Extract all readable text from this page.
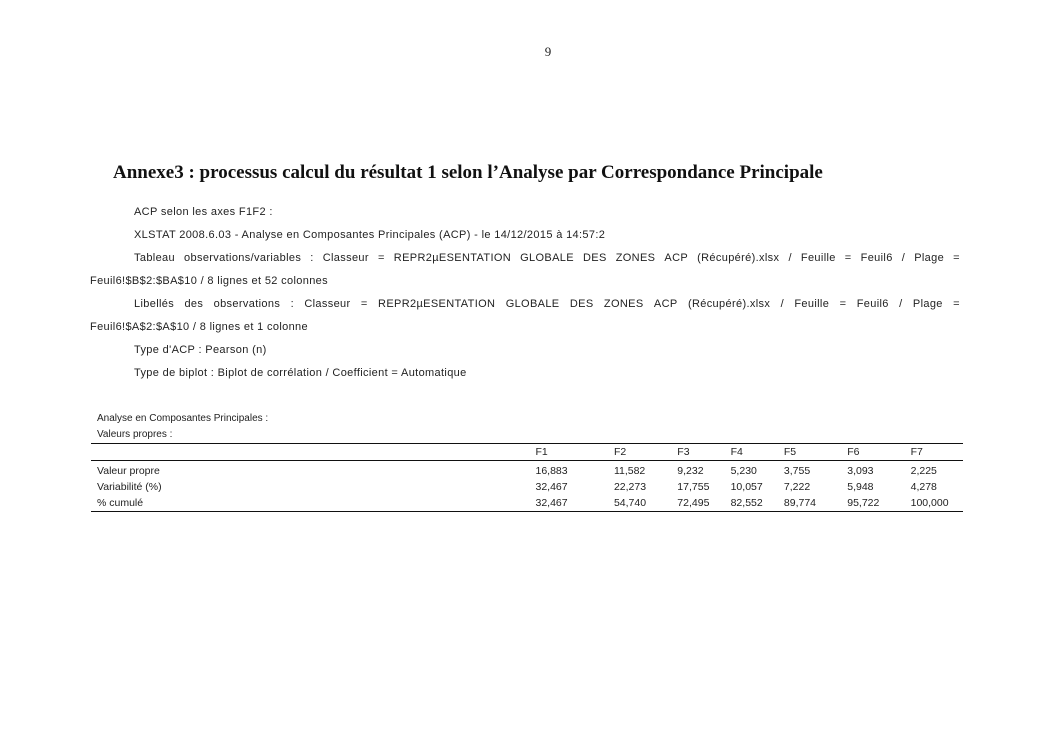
9
Annexe3 : processus calcul du résultat 1 selon l’Analyse par Correspondance Principale
ACP selon les axes F1F2 :
XLSTAT 2008.6.03 - Analyse en Composantes Principales (ACP) - le 14/12/2015 à 14:57:2
Tableau observations/variables : Classeur = REPR2µESENTATION GLOBALE DES ZONES ACP (Récupéré).xlsx / Feuille = Feuil6 / Plage =
Feuil6!$B$2:$BA$10 / 8 lignes et 52 colonnes
Libellés des observations : Classeur = REPR2µESENTATION GLOBALE DES ZONES ACP (Récupéré).xlsx / Feuille = Feuil6 / Plage =
Feuil6!$A$2:$A$10 / 8 lignes et 1 colonne
Type d'ACP : Pearson (n)
Type de biplot : Biplot de corrélation / Coefficient = Automatique
Analyse en Composantes Principales :
Valeurs propres :
	F1	F2	F3	F4	F5	F6	F7
Valeur propre	16,883	11,582	9,232	5,230	3,755	3,093	2,225
Variabilité (%)	32,467	22,273	17,755	10,057	7,222	5,948	4,278
% cumulé	32,467	54,740	72,495	82,552	89,774	95,722	100,000
